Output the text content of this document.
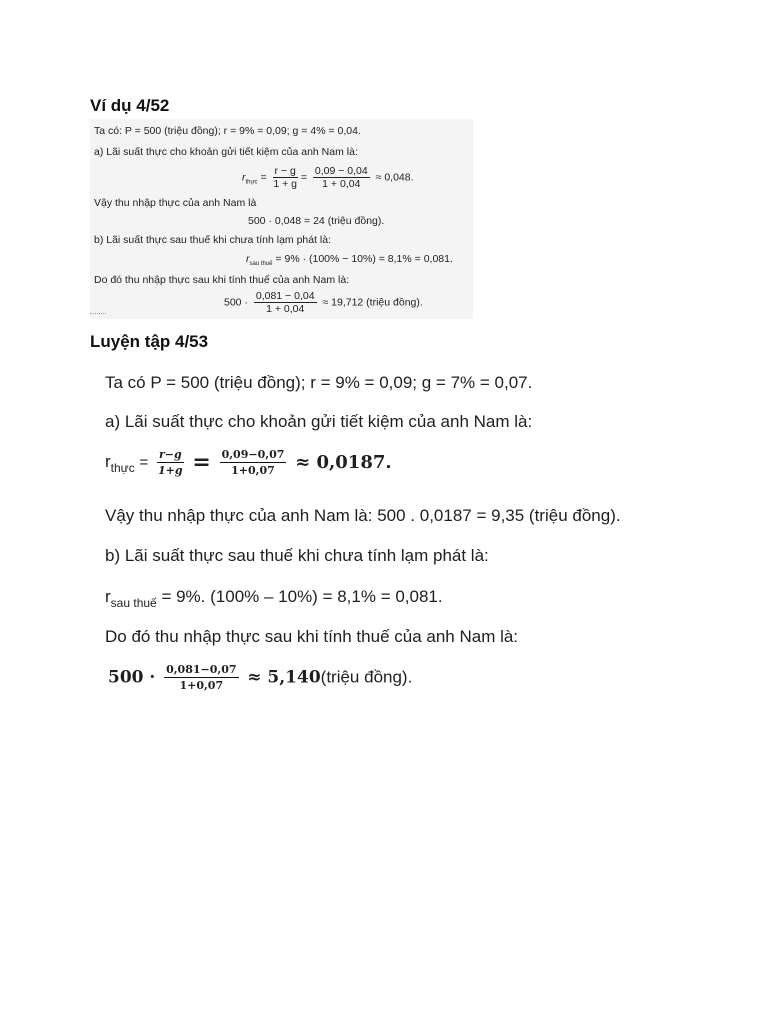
Ví dụ 4/52
Ta có: P = 500 (triệu đồng); r = 9% = 0,09; g = 4% = 0,04.
a) Lãi suất thực cho khoản gửi tiết kiệm của anh Nam là:
$r_{thực} = \frac{r - g}{1 + g} = \frac{0,09 - 0,04}{1 + 0,04} \approx 0,048$.
Vậy thu nhập thực của anh Nam là
500 · 0,048 = 24 (triệu đồng).
b) Lãi suất thực sau thuế khi chưa tính lạm phát là:
$r_{sau thuế} = 9\% \cdot (100\% - 10\%) = 8,1\% = 0,081$.
Do đó thu nhập thực sau khi tính thuế của anh Nam là:
$500 \cdot \frac{0,081 - 0,04}{1 + 0,04} \approx 19,712$ (triệu đồng).
Luyện tập 4/53
Ta có P = 500 (triệu đồng); r = 9% = 0,09; g = 7% = 0,07.
a) Lãi suất thực cho khoản gửi tiết kiệm của anh Nam là:
$r_{thực} = \frac{r-g}{1+g} = \frac{0,09-0,07}{1+0,07} \approx 0,0187$.
Vậy thu nhập thực của anh Nam là: 500 . 0,0187 = 9,35 (triệu đồng).
b) Lãi suất thực sau thuế khi chưa tính lạm phát là:
$r_{sau thuế} = 9\%$. (100% – 10%) = 8,1% = 0,081.
Do đó thu nhập thực sau khi tính thuế của anh Nam là:
$500 \cdot \frac{0,081-0,07}{1+0,07}$ ≈ 5,140(triệu đồng).
